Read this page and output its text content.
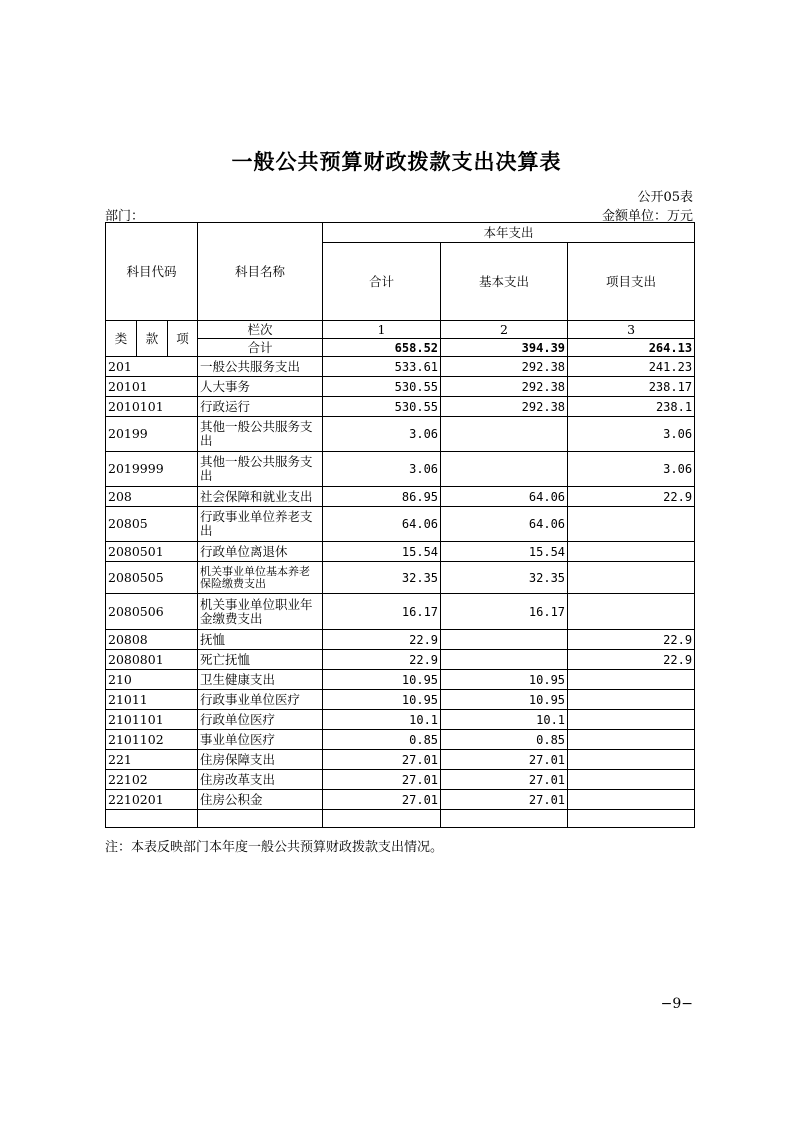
一般公共预算财政拨款支出决算表
公开05表
部门：	金额单位：万元
科目代码			科目名称	本年支出		
				合计	基本支出	项目支出
类	款	项	栏次	1	2	3
			合计	658.52	394.39	264.13
201			一般公共服务支出	533.61	292.38	241.23
20101			人大事务	530.55	292.38	238.17
2010101			行政运行	530.55	292.38	238.1
20199			其他一般公共服务支出	3.06		3.06
2019999			其他一般公共服务支出	3.06		3.06
208			社会保障和就业支出	86.95	64.06	22.9
20805			行政事业单位养老支出	64.06	64.06	
2080501			行政单位离退休	15.54	15.54	
2080505			机关事业单位基本养老保险缴费支出	32.35	32.35	
2080506			机关事业单位职业年金缴费支出	16.17	16.17	
20808			抚恤	22.9		22.9
2080801			死亡抚恤	22.9		22.9
210			卫生健康支出	10.95	10.95	
21011			行政事业单位医疗	10.95	10.95	
2101101			行政单位医疗	10.1	10.1	
2101102			事业单位医疗	0.85	0.85	
221			住房保障支出	27.01	27.01	
22102			住房改革支出	27.01	27.01	
2210201			住房公积金	27.01	27.01	

注：本表反映部门本年度一般公共预算财政拨款支出情况。
−9−
